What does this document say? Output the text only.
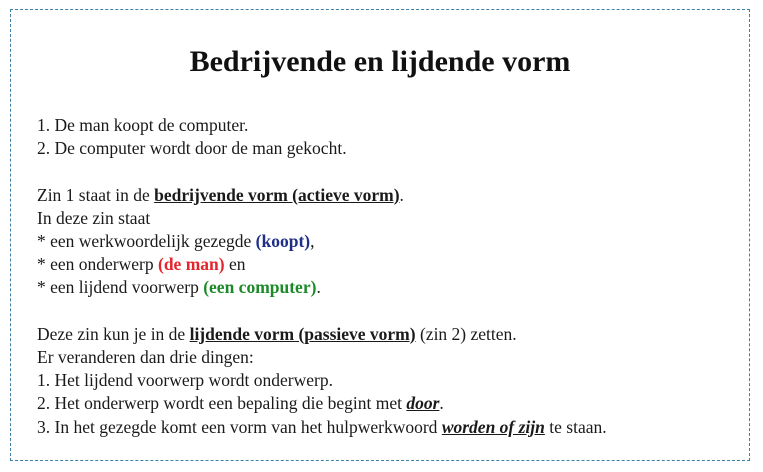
Bedrijvende en lijdende vorm
1. De man koopt de computer.
2. De computer wordt door de man gekocht.
Zin 1 staat in de bedrijvende vorm (actieve vorm).
In deze zin staat
* een werkwoordelijk gezegde (koopt),
* een onderwerp (de man) en
* een lijdend voorwerp (een computer).
Deze zin kun je in de lijdende vorm (passieve vorm) (zin 2) zetten.
Er veranderen dan drie dingen:
1. Het lijdend voorwerp wordt onderwerp.
2. Het onderwerp wordt een bepaling die begint met door.
3. In het gezegde komt een vorm van het hulpwerkwoord worden of zijn te staan.
